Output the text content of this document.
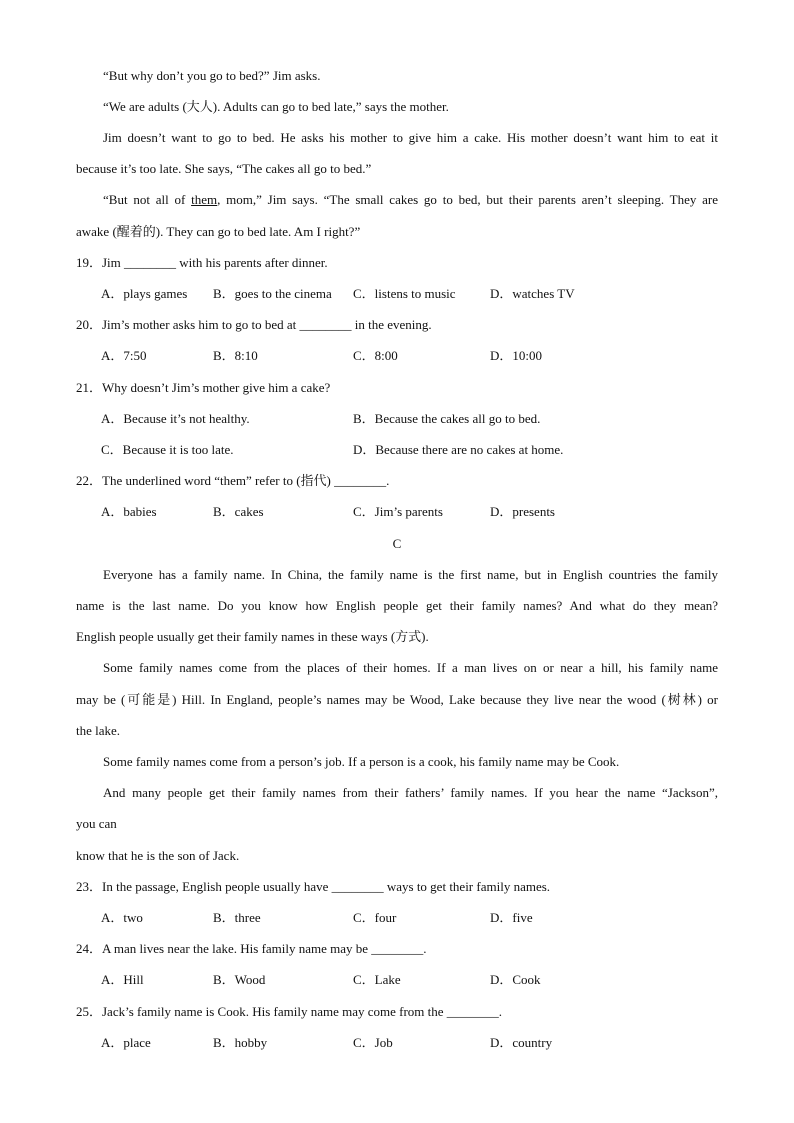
“But why don’t you go to bed?” Jim asks.
“We are adults (大人). Adults can go to bed late,” says the mother.
Jim doesn’t want to go to bed. He asks his mother to give him a cake. His mother doesn’t want him to eat it
because it’s too late. She says, “The cakes all go to bed.”
“But not all of them, mom,” Jim says. “The small cakes go to bed, but their parents aren’t sleeping. They are
awake (醒着的). They can go to bed late. Am I right?”
19．Jim ________ with his parents after dinner.
A．plays games B．goes to the cinema C．listens to music	D．watches TV
20．Jim’s mother asks him to go to bed at ________ in the evening.
A．7:50	B．8:10	C．8:00	D．10:00
21．Why doesn’t Jim’s mother give him a cake?
A．Because it’s not healthy.	B．Because the cakes all go to bed.
C．Because it is too late.	D．Because there are no cakes at home.
22．The underlined word “them” refer to (指代) ________.
A．babies	B．cakes	C．Jim’s parents	D．presents
C
Everyone has a family name. In China, the family name is the first name, but in English countries the family
name is the last name. Do you know how English people get their family names? And what do they mean?
English people usually get their family names in these ways (方式).
Some family names come from the places of their homes. If a man lives on or near a hill, his family name
may be (可能是) Hill. In England, people’s names may be Wood, Lake because they live near the wood (树林) or
the lake.
Some family names come from a person’s job. If a person is a cook, his family name may be Cook.
And many people get their family names from their fathers’ family names. If you hear the name “Jackson”,
you can
know that he is the son of Jack.
23．In the passage, English people usually have ________ ways to get their family names.
A．two	B．three	C．four	D．five
24．A man lives near the lake. His family name may be ________.
A．Hill	B．Wood	C．Lake	D．Cook
25．Jack’s family name is Cook. His family name may come from the ________.
A．place	B．hobby	C．Job	D．country
